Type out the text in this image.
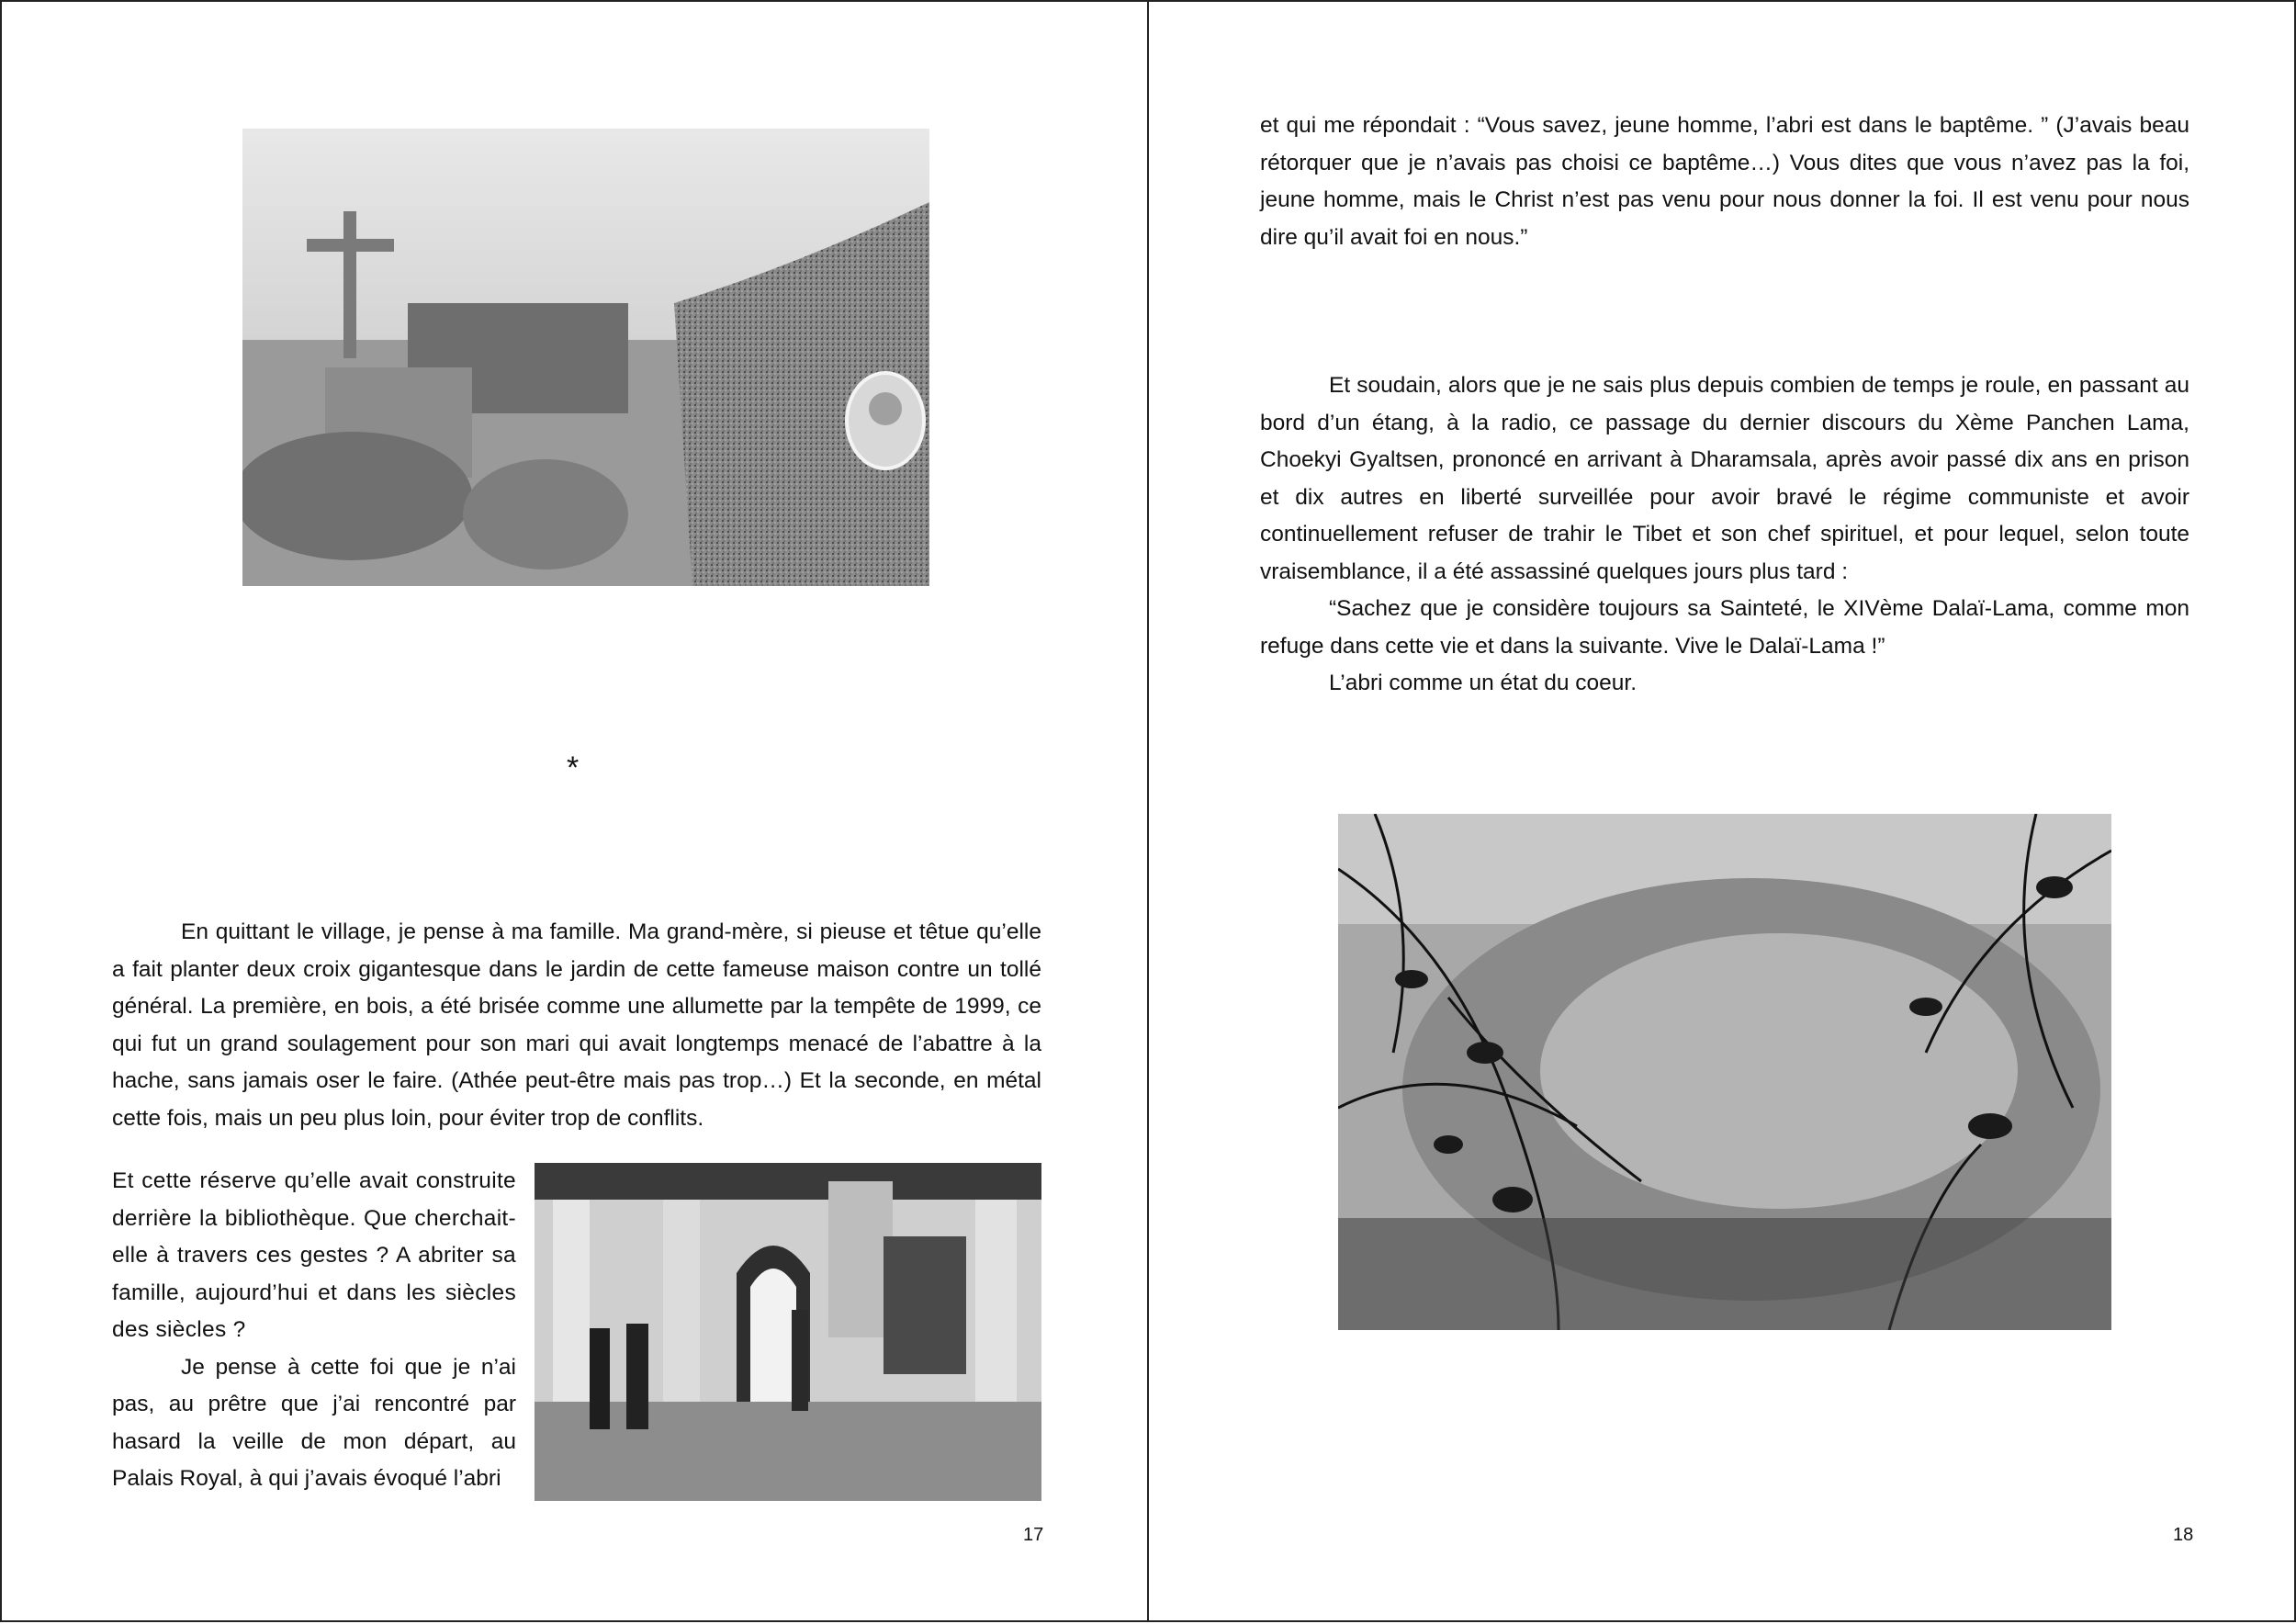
*

En quittant le village, je pense à ma famille. Ma grand-mère, si pieuse et têtue qu’elle a fait planter deux croix gigantesque dans le jardin de cette fameuse maison contre un tollé général. La première, en bois, a été brisée comme une allumette par la tempête de 1999, ce qui fut un grand soulagement pour son mari qui avait longtemps menacé de l’abattre à la hache, sans jamais oser le faire. (Athée peut-être mais pas trop…) Et la seconde, en métal cette fois, mais un peu plus loin, pour éviter trop de conflits.

Et cette réserve qu’elle avait construite derrière la bibliothèque. Que cherchait-elle à travers ces gestes ? A abriter sa famille, aujourd’hui et dans les siècles des siècles ?

Je pense à cette foi que je n’ai pas, au prêtre que j’ai rencontré par hasard la veille de mon départ, au Palais Royal, à qui j’avais évoqué l’abri

17

et qui me répondait : “Vous savez, jeune homme, l’abri est dans le baptême. ” (J’avais beau rétorquer que je n’avais pas choisi ce baptême…) Vous dites que vous n’avez pas la foi, jeune homme, mais le Christ n’est pas venu pour nous donner la foi. Il est venu pour nous dire qu’il avait foi en nous.”

Et soudain, alors que je ne sais plus depuis combien de temps je roule, en passant au bord d’un étang, à la radio, ce passage du dernier discours du Xème Panchen Lama, Choekyi Gyaltsen, prononcé en arrivant à Dharamsala, après avoir passé dix ans en prison et dix autres en liberté surveillée pour avoir bravé le régime communiste et avoir continuellement refuser de trahir le Tibet et son chef spirituel, et pour lequel, selon toute vraisemblance, il a été assassiné quelques jours plus tard :

“Sachez que je considère toujours sa Sainteté, le XIVème Dalaï-Lama, comme mon refuge dans cette vie et dans la suivante. Vive le Dalaï-Lama !”

L’abri comme un état du coeur.

18
